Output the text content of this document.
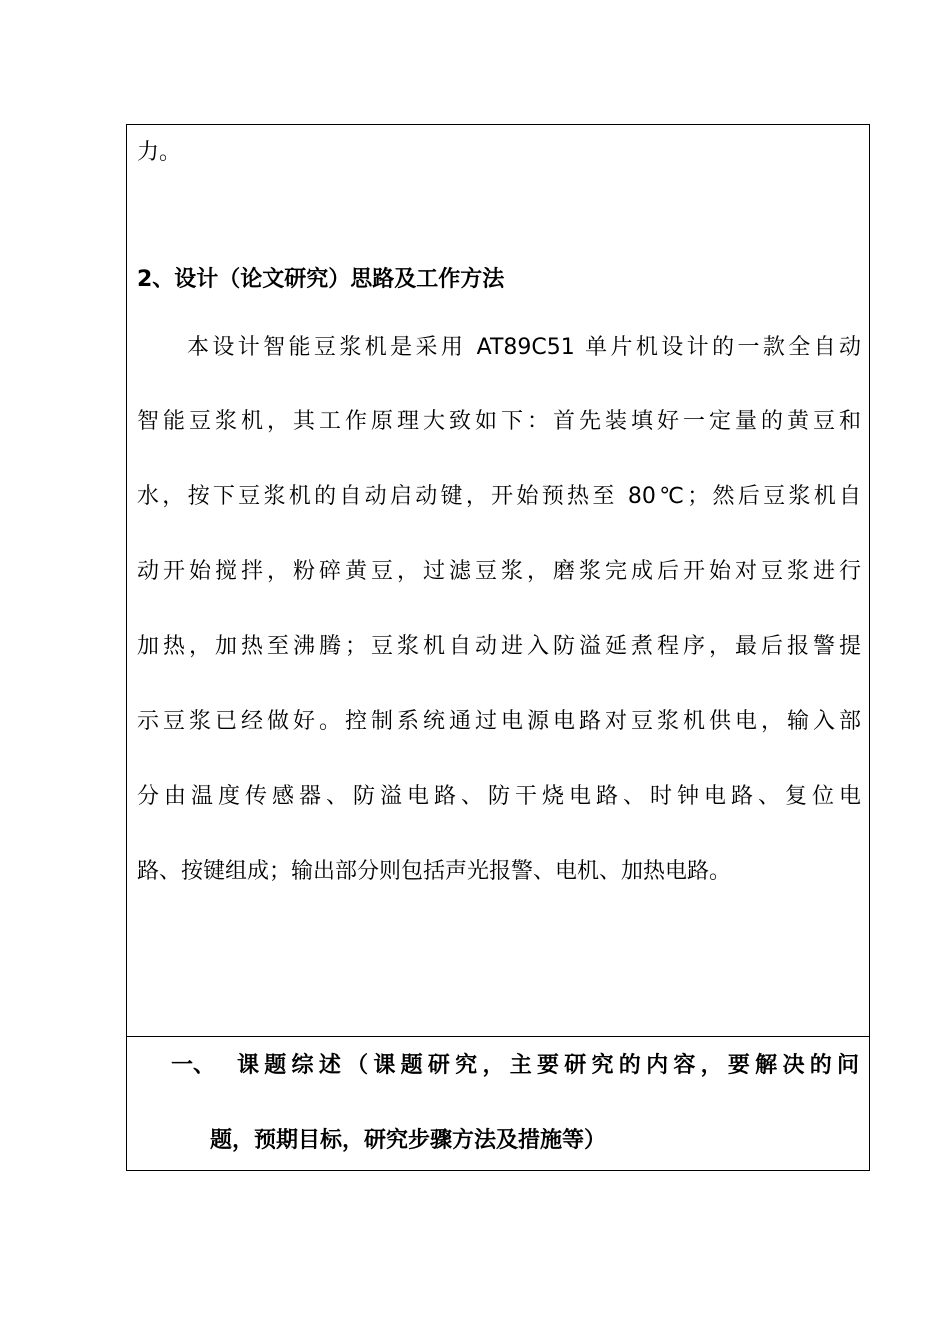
力。
2、设计（论文研究）思路及工作方法
本设计智能豆浆机是采用 AT89C51 单片机设计的一款全自动
智能豆浆机，其工作原理大致如下：首先装填好一定量的黄豆和
水，按下豆浆机的自动启动键，开始预热至 80℃；然后豆浆机自
动开始搅拌，粉碎黄豆，过滤豆浆，磨浆完成后开始对豆浆进行
加热，加热至沸腾；豆浆机自动进入防溢延煮程序，最后报警提
示豆浆已经做好。控制系统通过电源电路对豆浆机供电，输入部
分由温度传感器、防溢电路、防干烧电路、时钟电路、复位电
路、按键组成；输出部分则包括声光报警、电机、加热电路。
一、 课题综述（课题研究，主要研究的内容，要解决的问
题，预期目标，研究步骤方法及措施等）
